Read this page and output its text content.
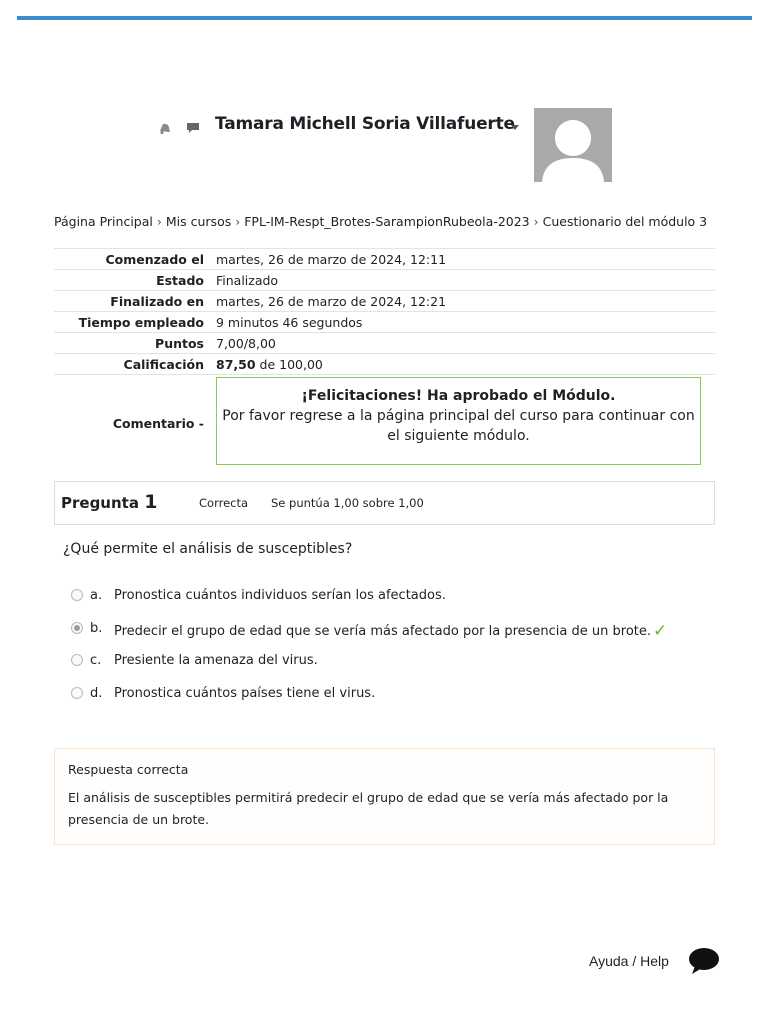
Tamara Michell Soria Villafuerte
Página Principal › Mis cursos › FPL-IM-Respt_Brotes-SarampionRubeola-2023 › Cuestionario del módulo 3
Comenzado el	martes, 26 de marzo de 2024, 12:11
Estado	Finalizado
Finalizado en	martes, 26 de marzo de 2024, 12:21
Tiempo empleado	9 minutos 46 segundos
Puntos	7,00/8,00
Calificación	87,50 de 100,00
Comentario -	¡Felicitaciones! Ha aprobado el Módulo.
Por favor regrese a la página principal del curso para continuar con el siguiente módulo.
Pregunta 1	Correcta Se puntúa 1,00 sobre 1,00
¿Qué permite el análisis de susceptibles?
a. Pronostica cuántos individuos serían los afectados.
b. Predecir el grupo de edad que se vería más afectado por la presencia de un brote. ✓
c. Presiente la amenaza del virus.
d. Pronostica cuántos países tiene el virus.
Respuesta correcta
El análisis de susceptibles permitirá predecir el grupo de edad que se vería más afectado por la presencia de un brote.
Ayuda / Help
